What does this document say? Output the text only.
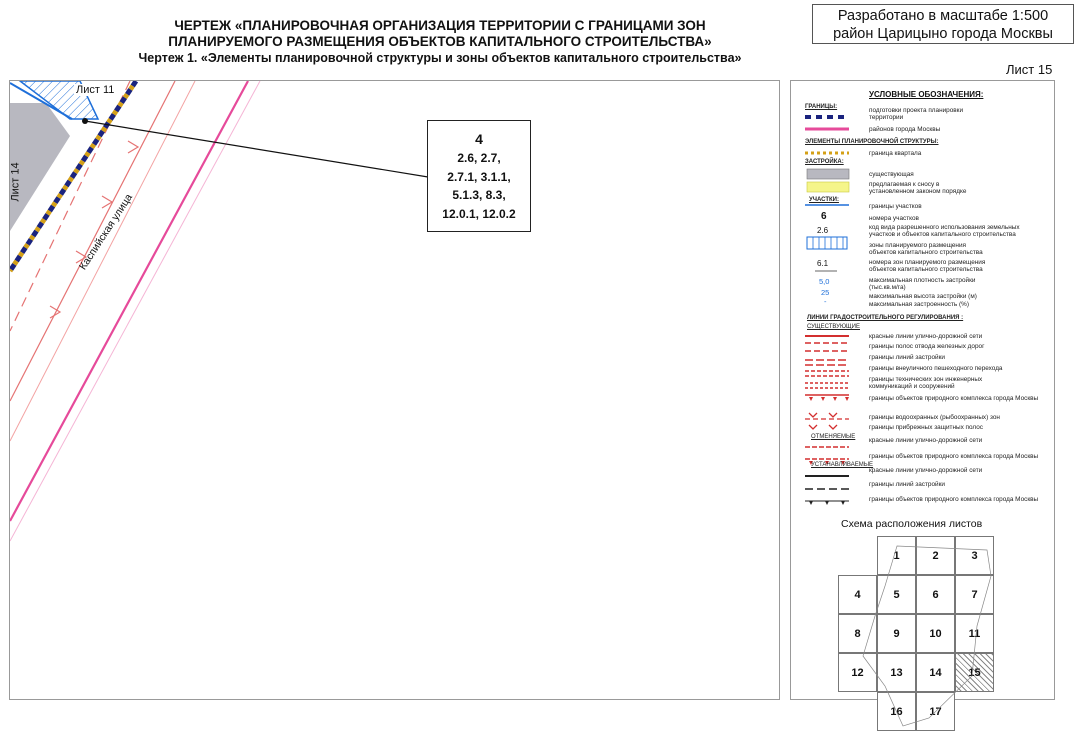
ЧЕРТЕЖ «ПЛАНИРОВОЧНАЯ ОРГАНИЗАЦИЯ ТЕРРИТОРИИ С ГРАНИЦАМИ ЗОН
ПЛАНИРУЕМОГО РАЗМЕЩЕНИЯ ОБЪЕКТОВ КАПИТАЛЬНОГО СТРОИТЕЛЬСТВА»
Чертеж 1. «Элементы планировочной структуры и зоны объектов капитального строительства»
Разработано в масштабе 1:500
район Царицыно города Москвы
Лист 15
Лист 11
Лист 14
Каспийская улица
4
2.6, 2.7,
2.7.1, 3.1.1,
5.1.3, 8.3,
12.0.1, 12.0.2
УСЛОВНЫЕ ОБОЗНАЧЕНИЯ:
ГРАНИЦЫ:	подготовки проекта планировки
территории
районов города Москвы
ЭЛЕМЕНТЫ ПЛАНИРОВОЧНОЙ СТРУКТУРЫ:
граница квартала
ЗАСТРОЙКА:
существующая
предлагаемая к сносу в
установленном законом порядке
УЧАСТКИ:
границы участков
6	номера участков
2.6	код вида разрешенного использования земельных
участков и объектов капитального строительства
зоны планируемого размещения
объектов капитального строительства
6.1	номера зон планируемого размещения
объектов капитального строительства
5,0	максимальная плотность застройки
(тыс.кв.м/га)
25	максимальная высота застройки (м)
-	максимальная застроенность (%)
ЛИНИИ ГРАДОСТРОИТЕЛЬНОГО РЕГУЛИРОВАНИЯ :
СУЩЕСТВУЮЩИЕ
красные линии улично-дорожной сети
границы полос отвода железных дорог
границы линий застройки
границы внеуличного пешеходного перехода
границы технических зон инженерных
коммуникаций и сооружений
границы объектов природного комплекса города Москвы
границы водоохранных (рыбоохранных) зон
границы прибрежных защитных полос
ОТМЕНЯЕМЫЕ красные линии улично-дорожной сети
границы объектов природного комплекса города Москвы
УСТАНАВЛИВАЕМЫЕ
красные линии улично-дорожной сети
границы линий застройки
границы объектов природного комплекса города Москвы
Схема расположения листов
1	2	3
4	5	6	7
8	9	10	11
12	13	14	15
16	17
